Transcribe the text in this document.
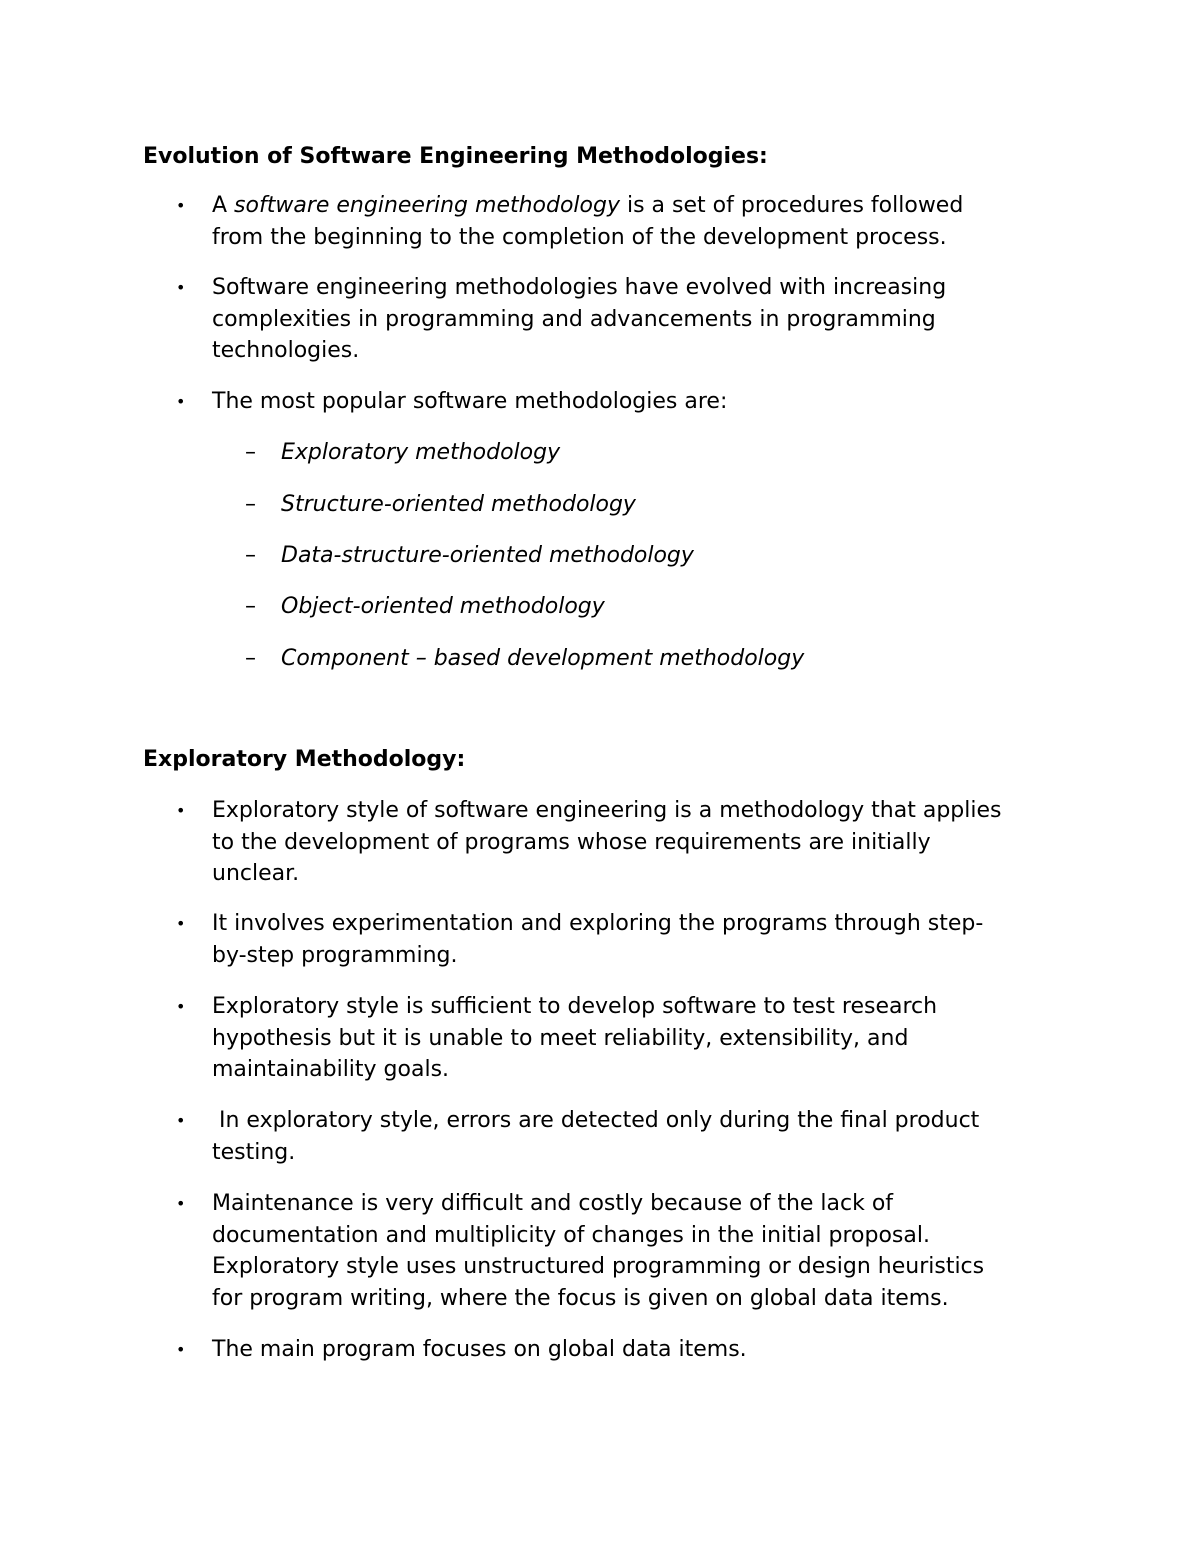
Evolution of Software Engineering Methodologies:
• A software engineering methodology is a set of procedures followed
from the beginning to the completion of the development process.
• Software engineering methodologies have evolved with increasing
complexities in programming and advancements in programming
technologies.
• The most popular software methodologies are:
– Exploratory methodology
– Structure-oriented methodology
– Data-structure-oriented methodology
– Object-oriented methodology
– Component – based development methodology
Exploratory Methodology:
• Exploratory style of software engineering is a methodology that applies
to the development of programs whose requirements are initially
unclear.
• It involves experimentation and exploring the programs through step-
by-step programming.
• Exploratory style is sufficient to develop software to test research
hypothesis but it is unable to meet reliability, extensibility, and
maintainability goals.
• In exploratory style, errors are detected only during the final product
testing.
• Maintenance is very difficult and costly because of the lack of
documentation and multiplicity of changes in the initial proposal.
Exploratory style uses unstructured programming or design heuristics
for program writing, where the focus is given on global data items.
• The main program focuses on global data items.
